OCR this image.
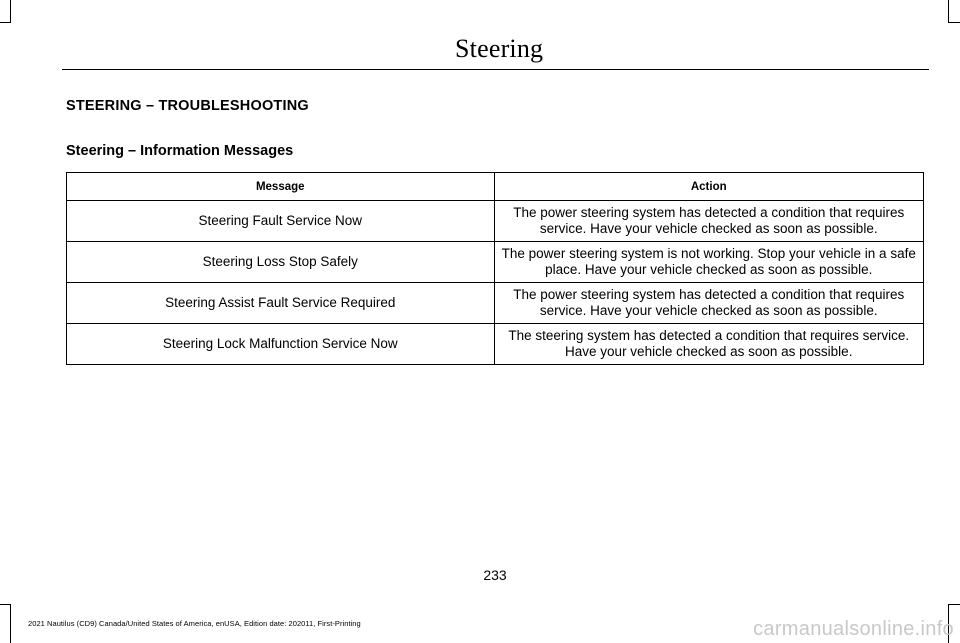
Steering
STEERING – TROUBLESHOOTING
Steering – Information Messages
Message	Action
Steering Fault Service Now	The power steering system has detected a condition that requires service. Have your vehicle checked as soon as possible.
Steering Loss Stop Safely	The power steering system is not working. Stop your vehicle in a safe place. Have your vehicle checked as soon as possible.
Steering Assist Fault Service Required	The power steering system has detected a condition that requires service. Have your vehicle checked as soon as possible.
Steering Lock Malfunction Service Now	The steering system has detected a condition that requires service. Have your vehicle checked as soon as possible.
233
2021 Nautilus (CD9) Canada/United States of America, enUSA, Edition date: 202011, First-Printing	carmanualsonline.info
